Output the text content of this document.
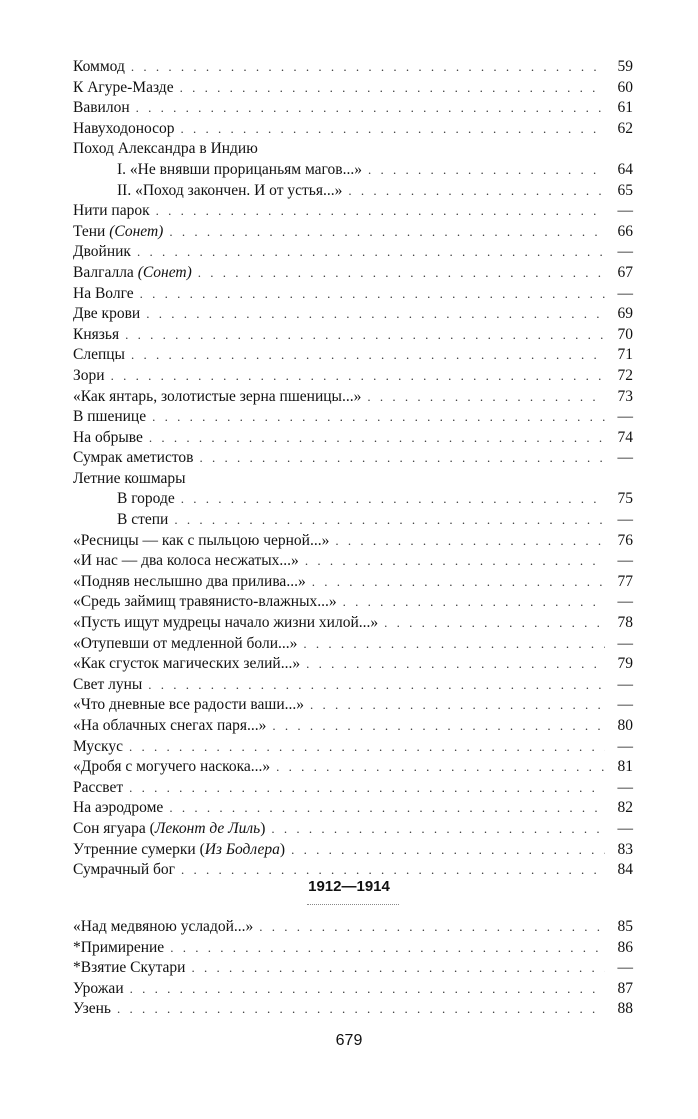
Коммод . . .	59
К Агуре-Мазде . . .	60
Вавилон . . .	61
Навуходоносор . . .	62
Поход Александра в Индию
I. «Не внявши прорицаньям магов...» . . .	64
II. «Поход закончен. И от устья...» . . .	65
Нити парок . . .	—
Тени (Сонет) . . .	66
Двойник . . .	—
Валгалла (Сонет) . . .	67
На Волге . . .	—
Две крови . . .	69
Князья . . .	70
Слепцы . . .	71
Зори . . .	72
«Как янтарь, золотистые зерна пшеницы...» . . .	73
В пшенице . . .	—
На обрыве . . .	74
Сумрак аметистов . . .	—
Летние кошмары
В городе . . .	75
В степи . . .	—
«Ресницы — как с пыльцою черной...» . . .	76
«И нас — два колоса несжатых...» . . .	—
«Подняв неслышно два прилива...» . . .	77
«Средь займищ травянисто-влажных...» . . .	—
«Пусть ищут мудрецы начало жизни хилой...» . . .	78
«Отупевши от медленной боли...» . . .	—
«Как сгусток магических зелий...» . . .	79
Свет луны . . .	—
«Что дневные все радости ваши...» . . .	—
«На облачных снегах паря...» . . .	80
Мускус . . .	—
«Дробя с могучего наскока...» . . .	81
Рассвет . . .	—
На аэродроме . . .	82
Сон ягуара (Леконт де Лиль) . . .	—
Утренние сумерки (Из Бодлера) . . .	83
Сумрачный бог . . .	84
1912—1914
«Над медвяною усладой...» . . .	85
*Примирение . . .	86
*Взятие Скутари . . .	—
Урожаи . . .	87
Узень . . .	88
679
